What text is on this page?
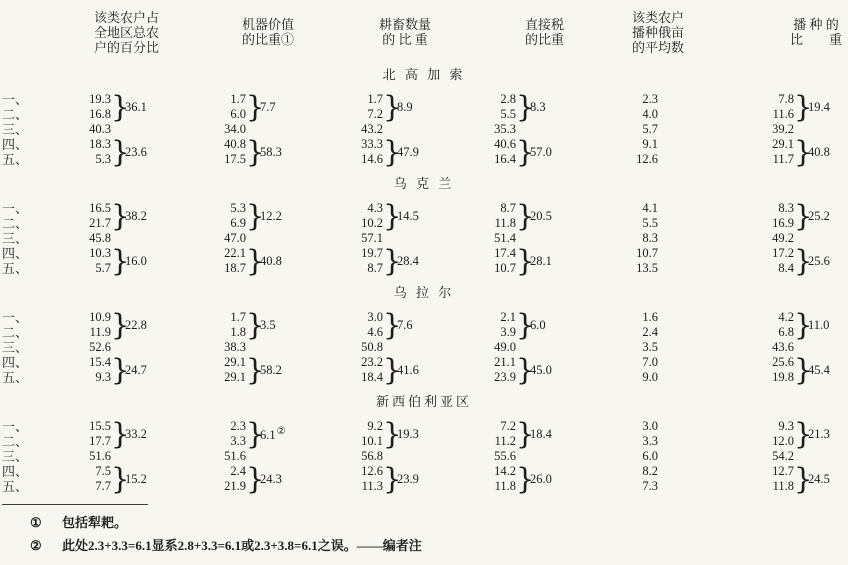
该类农户占
全地区总农
户的百分比
机器价值
的比重①
耕畜数量
的 比 重
直接税
的比重
该类农户
播种俄亩
的平均数
播 种 的
比　　重
北 高 加 索
一、
二、
三、
四、
五、
19.3
16.8 }
36.1
40.3
18.3
5.3 }
23.6
1.7
6.0 }
7.7
34.0
40.8
17.5 }
58.3
1.7
7.2 }
8.9
43.2
33.3
14.6 }
47.9
2.8
5.5 }
8.3
35.3
40.6
16.4 }
57.0
2.3
4.0
5.7
9.1
12.6
7.8
11.6 }
19.4
39.2
29.1
11.7 }
40.8
乌 克 兰
一、
二、
三、
四、
五、
16.5
21.7 }
38.2
45.8
10.3
5.7 }
16.0
5.3
6.9 }
12.2
47.0
22.1
18.7 }
40.8
4.3
10.2 }
14.5
57.1
19.7
8.7 }
28.4
8.7
11.8 }
20.5
51.4
17.4
10.7 }
28.1
4.1
5.5
8.3
10.7
13.5
8.3
16.9 }
25.2
49.2
17.2
8.4 }
25.6
乌 拉 尔
一、
二、
三、
四、
五、
10.9
11.9 }
22.8
52.6
15.4
9.3 }
24.7
1.7
1.8 }
3.5
38.3
29.1
29.1 }
58.2
3.0
4.6 }
7.6
50.8
23.2
18.4 }
41.6
2.1
3.9 }
6.0
49.0
21.1
23.9 }
45.0
1.6
2.4
3.5
7.0
9.0
4.2
6.8 }
11.0
43.6
25.6
19.8 }
45.4
新西伯利亚区
一、
二、
三、
四、
五、
15.5
17.7 }
33.2
51.6
7.5
7.7 }
15.2
2.3
3.3 }
6.1②
51.6
2.4
21.9 }
24.3
9.2
10.1 }
19.3
56.8
12.6
11.3 }
23.9
7.2
11.2 }
18.4
55.6
14.2
11.8 }
26.0
3.0
3.3
6.0
8.2
7.3
9.3
12.0 }
21.3
54.2
12.7
11.8 }
24.5
①	包括犁耙。
②	此处2.3+3.3=6.1显系2.8+3.3=6.1或2.3+3.8=6.1之误。——编者注
